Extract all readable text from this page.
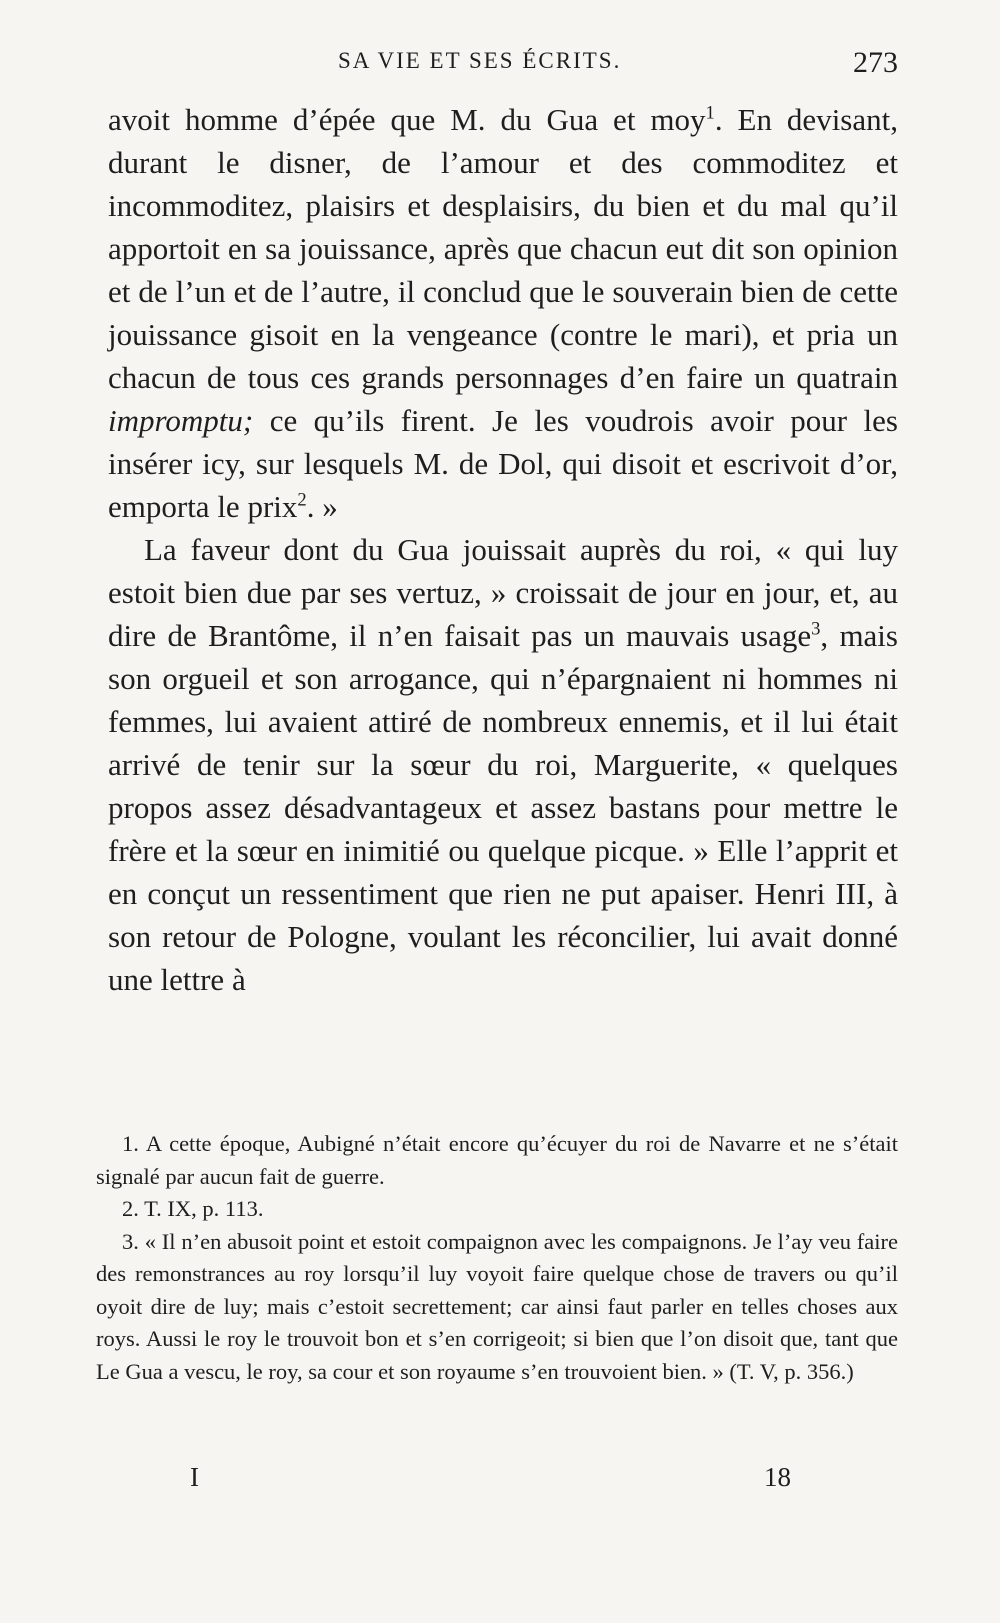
SA VIE ET SES ÉCRITS.	273

avoit homme d’épée que M. du Gua et moy$^1$. En devisant, durant le disner, de l’amour et des commoditez et incommoditez, plaisirs et desplaisirs, du bien et du mal qu’il apportoit en sa jouissance, après que chacun eut dit son opinion et de l’un et de l’autre, il conclud que le souverain bien de cette jouissance gisoit en la vengeance (contre le mari), et pria un chacun de tous ces grands personnages d’en faire un quatrain impromptu; ce qu’ils firent. Je les voudrois avoir pour les insérer icy, sur lesquels M. de Dol, qui disoit et escrivoit d’or, emporta le prix$^2$. »

La faveur dont du Gua jouissait auprès du roi, « qui luy estoit bien due par ses vertuz, » croissait de jour en jour, et, au dire de Brantôme, il n’en faisait pas un mauvais usage$^3$, mais son orgueil et son arrogance, qui n’épargnaient ni hommes ni femmes, lui avaient attiré de nombreux ennemis, et il lui était arrivé de tenir sur la sœur du roi, Marguerite, « quelques propos assez désadvantageux et assez bastans pour mettre le frère et la sœur en inimitié ou quelque picque. » Elle l’apprit et en conçut un ressentiment que rien ne put apaiser. Henri III, à son retour de Pologne, voulant les réconcilier, lui avait donné une lettre à

1. A cette époque, Aubigné n’était encore qu’écuyer du roi de Navarre et ne s’était signalé par aucun fait de guerre.

2. T. IX, p. 113.

3. « Il n’en abusoit point et estoit compaignon avec les compaignons. Je l’ay veu faire des remonstrances au roy lorsqu’il luy voyoit faire quelque chose de travers ou qu’il oyoit dire de luy; mais c’estoit secrettement; car ainsi faut parler en telles choses aux roys. Aussi le roy le trouvoit bon et s’en corrigeoit; si bien que l’on disoit que, tant que Le Gua a vescu, le roy, sa cour et son royaume s’en trouvoient bien. » (T. V, p. 356.)

I	18
